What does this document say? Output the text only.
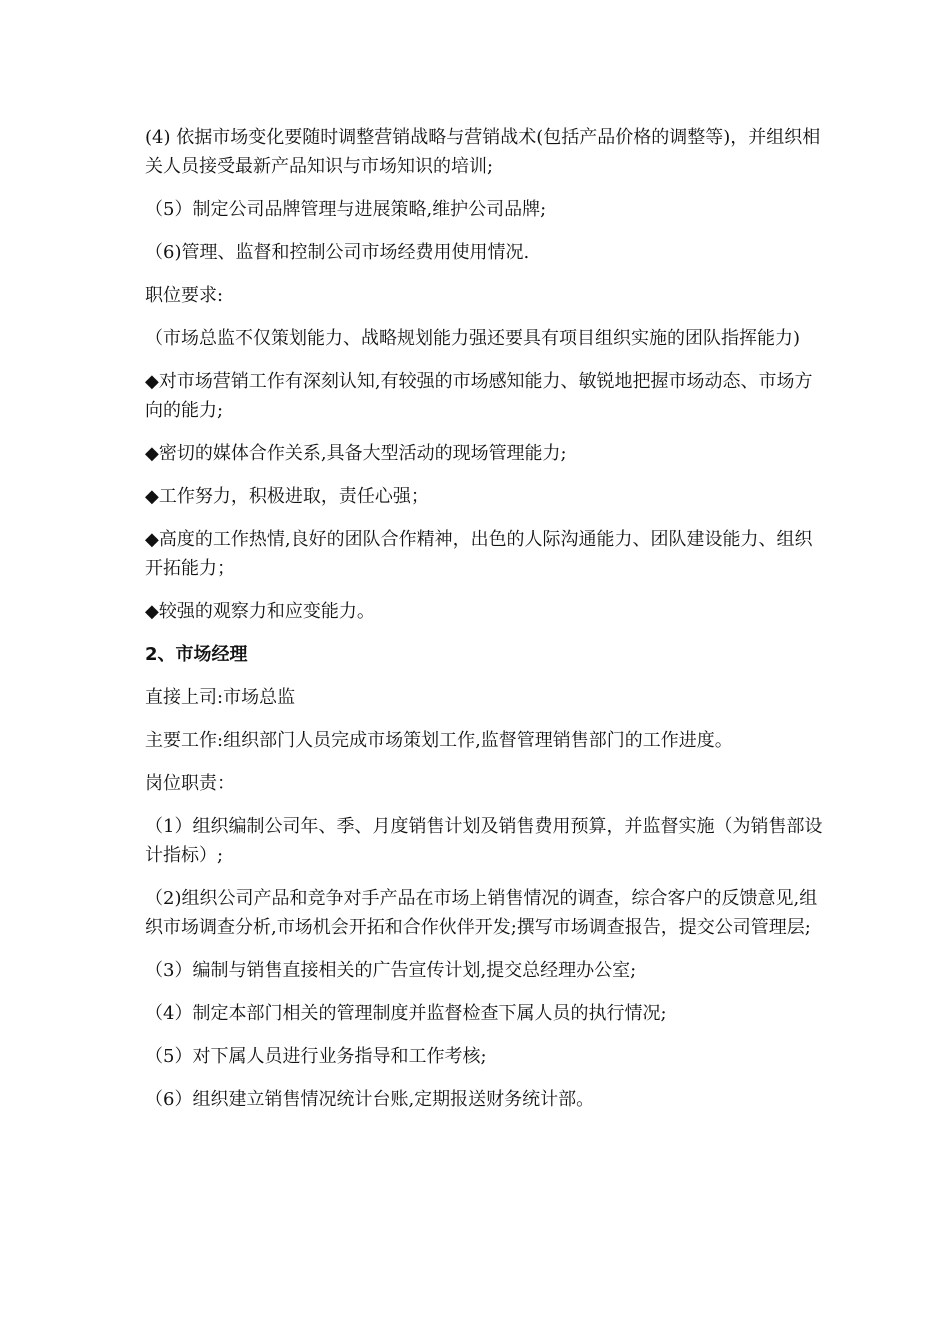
(4) 依据市场变化要随时调整营销战略与营销战术(包括产品价格的调整等)，并组织相关人员接受最新产品知识与市场知识的培训;

（5）制定公司品牌管理与进展策略,维护公司品牌;

（6)管理、监督和控制公司市场经费用使用情况.

职位要求:

（市场总监不仅策划能力、战略规划能力强还要具有项目组织实施的团队指挥能力)

◆对市场营销工作有深刻认知,有较强的市场感知能力、敏锐地把握市场动态、市场方向的能力;

◆密切的媒体合作关系,具备大型活动的现场管理能力;

◆工作努力，积极进取，责任心强；

◆高度的工作热情,良好的团队合作精神，出色的人际沟通能力、团队建设能力、组织开拓能力；

◆较强的观察力和应变能力。

2、市场经理

直接上司:市场总监

主要工作:组织部门人员完成市场策划工作,监督管理销售部门的工作进度。

岗位职责：

（1）组织编制公司年、季、月度销售计划及销售费用预算，并监督实施（为销售部设计指标）;

（2)组织公司产品和竞争对手产品在市场上销售情况的调查，综合客户的反馈意见,组织市场调查分析,市场机会开拓和合作伙伴开发;撰写市场调查报告，提交公司管理层;

（3）编制与销售直接相关的广告宣传计划,提交总经理办公室;

（4）制定本部门相关的管理制度并监督检查下属人员的执行情况;

（5）对下属人员进行业务指导和工作考核;

（6）组织建立销售情况统计台账,定期报送财务统计部。
